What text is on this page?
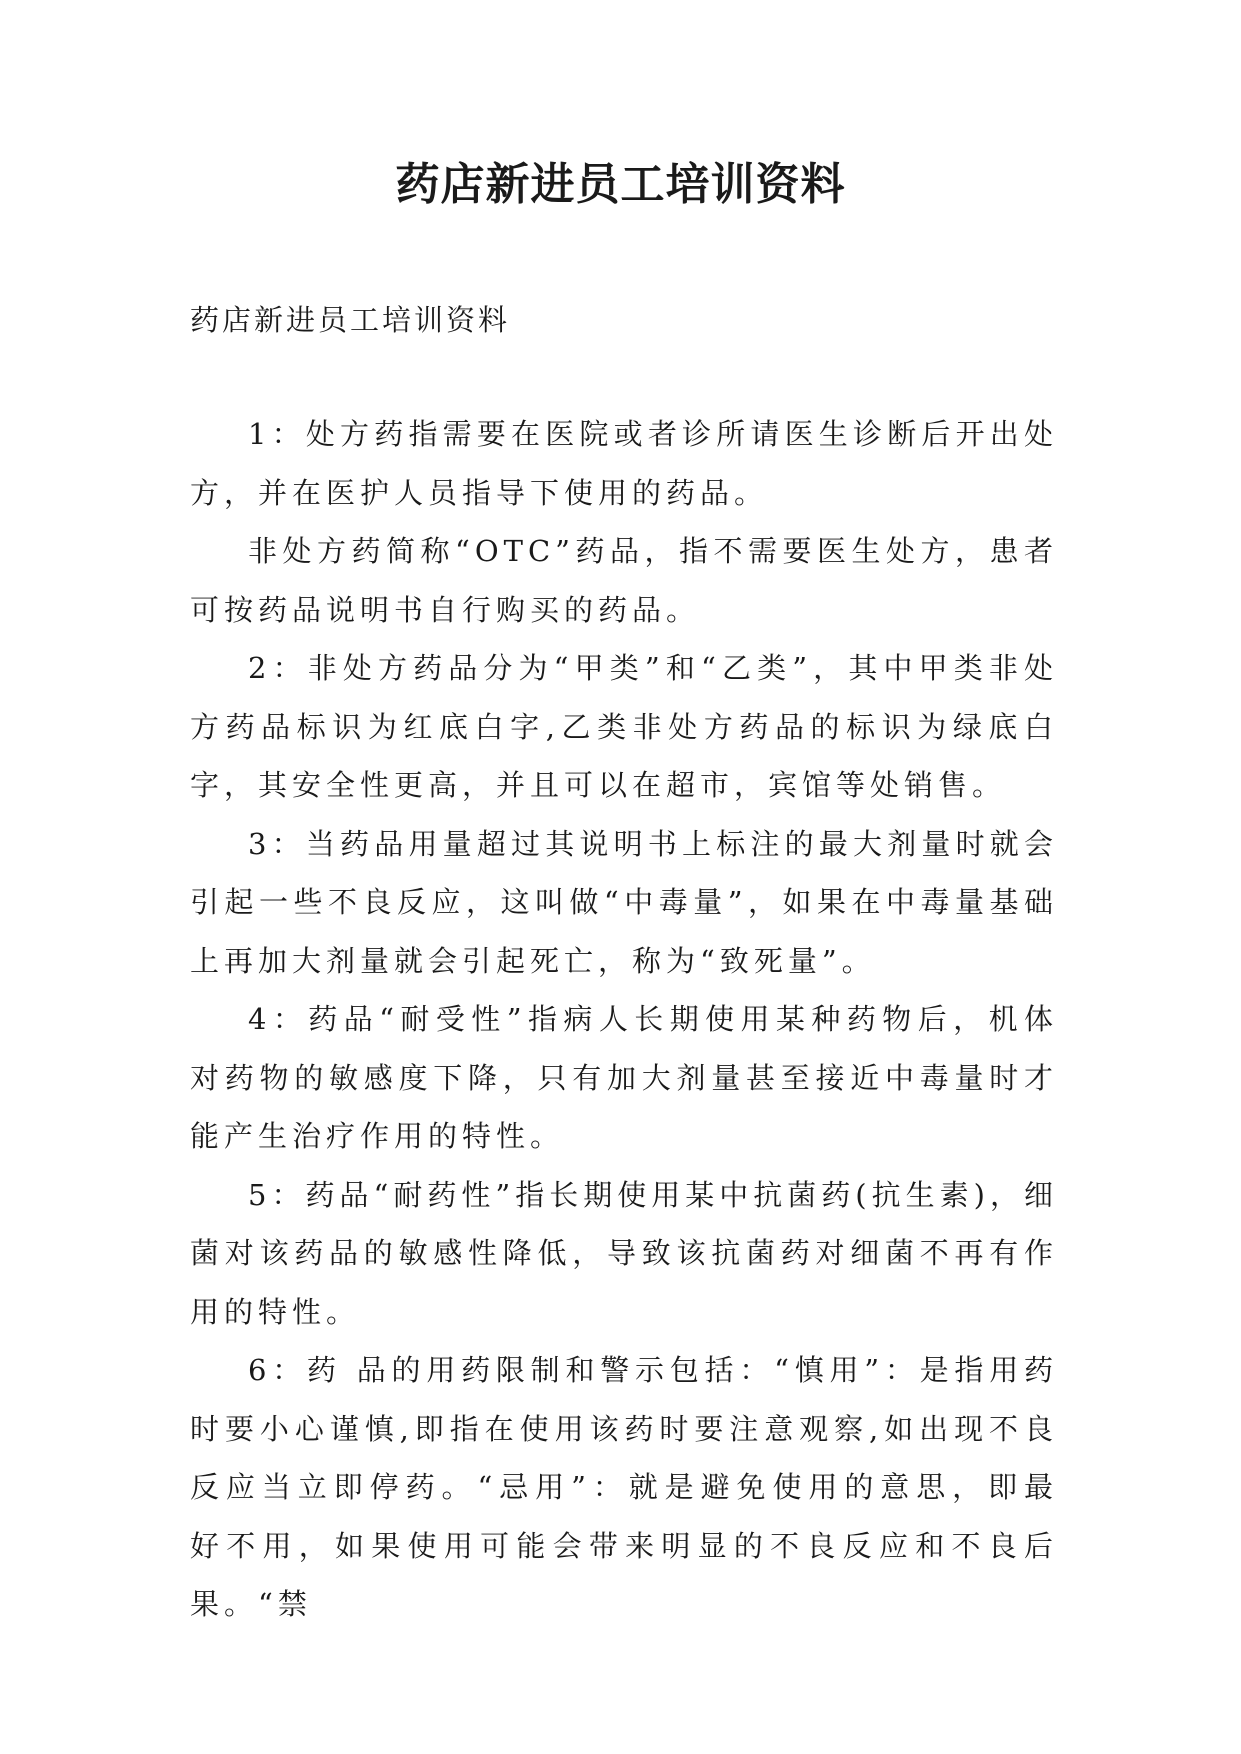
药店新进员工培训资料
药店新进员工培训资料

1：处方药指需要在医院或者诊所请医生诊断后开出处方，并在医护人员指导下使用的药品。

非处方药简称“OTC”药品，指不需要医生处方，患者可按药品说明书自行购买的药品。

2：非处方药品分为“甲类”和“乙类”，其中甲类非处方药品标识为红底白字,乙类非处方药品的标识为绿底白字，其安全性更高，并且可以在超市，宾馆等处销售。

3：当药品用量超过其说明书上标注的最大剂量时就会引起一些不良反应，这叫做“中毒量”，如果在中毒量基础上再加大剂量就会引起死亡，称为“致死量”。

4：药品“耐受性”指病人长期使用某种药物后，机体对药物的敏感度下降，只有加大剂量甚至接近中毒量时才能产生治疗作用的特性。

5：药品“耐药性”指长期使用某中抗菌药(抗生素)，细菌对该药品的敏感性降低，导致该抗菌药对细菌不再有作用的特性。

6：药 品的用药限制和警示包括：“慎用”：是指用药时要小心谨慎,即指在使用该药时要注意观察,如出现不良反应当立即停药。“忌用”：就是避免使用的意思，即最 好不用，如果使用可能会带来明显的不良反应和不良后果。“禁
